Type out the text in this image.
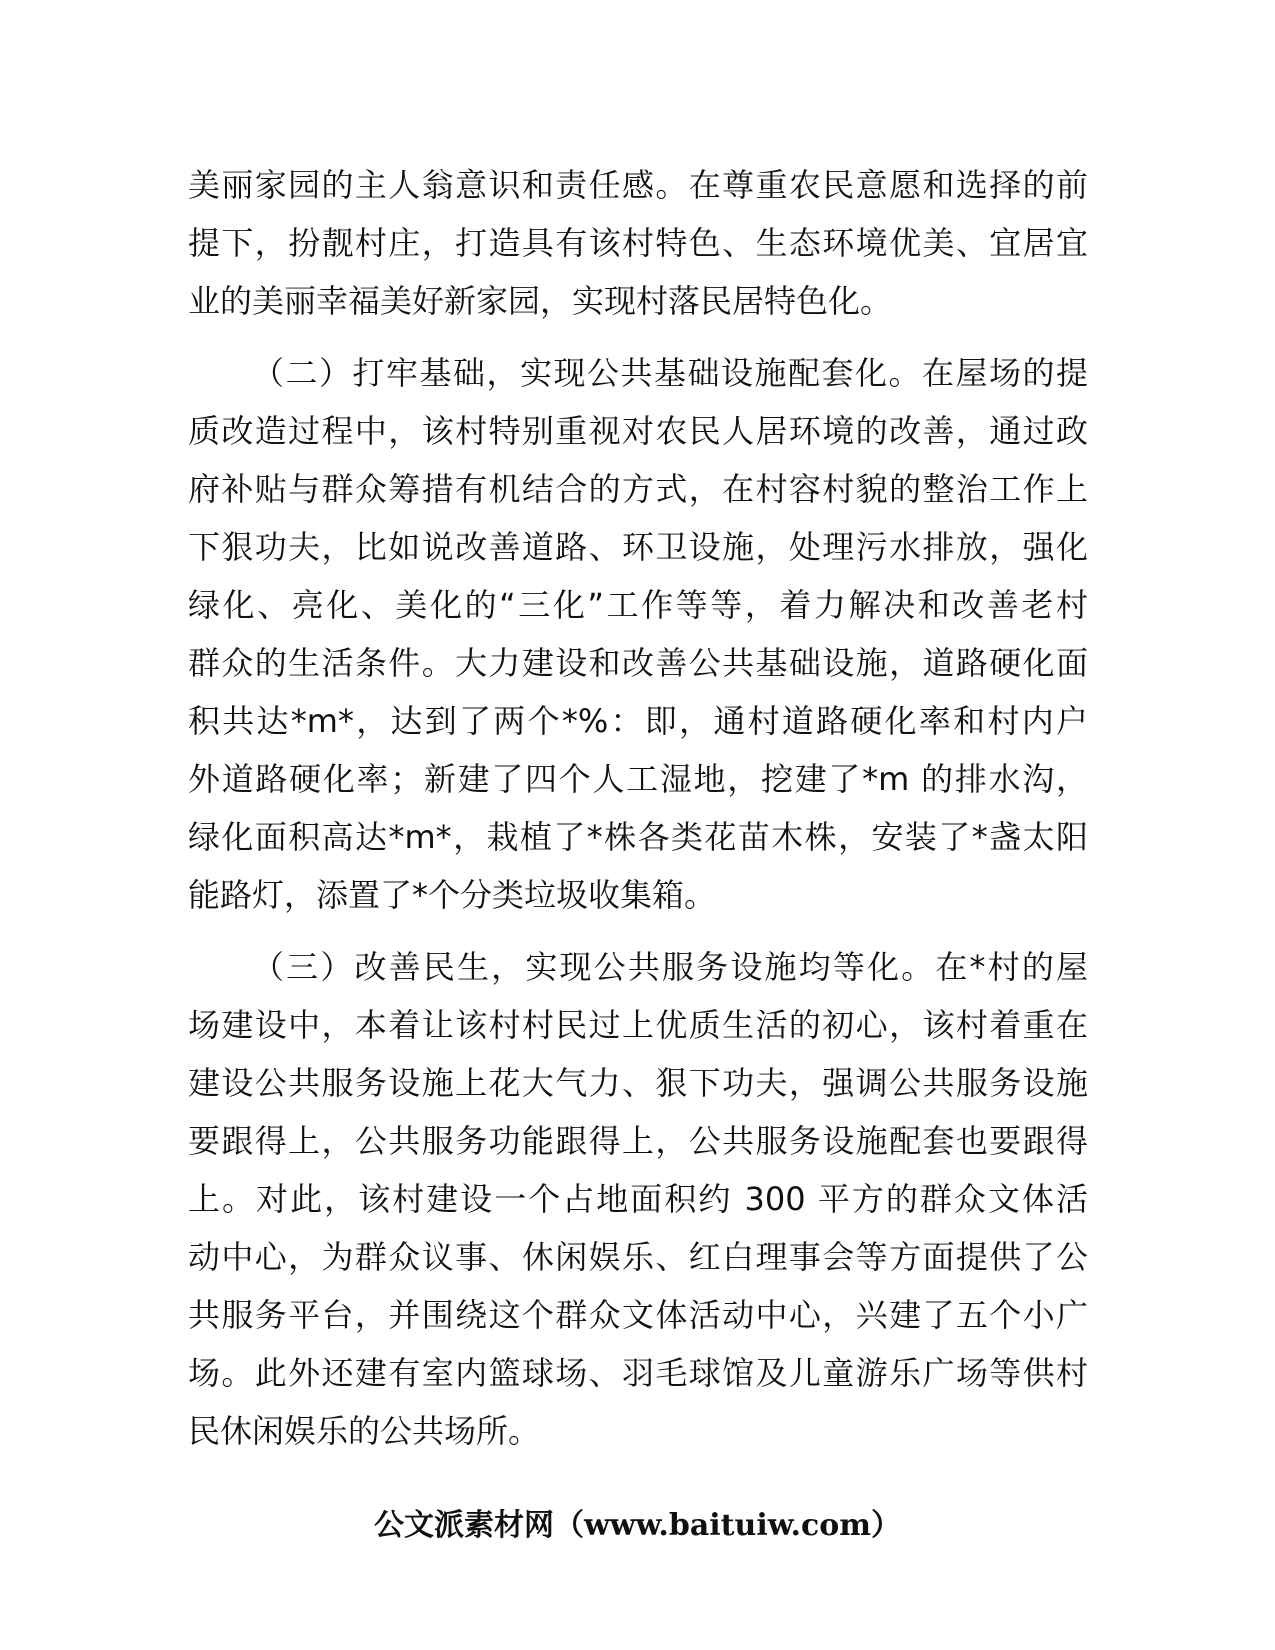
美丽家园的主人翁意识和责任感。在尊重农民意愿和选择的前
提下，扮靓村庄，打造具有该村特色、生态环境优美、宜居宜
业的美丽幸福美好新家园，实现村落民居特色化。

（二）打牢基础，实现公共基础设施配套化。在屋场的提
质改造过程中，该村特别重视对农民人居环境的改善，通过政
府补贴与群众筹措有机结合的方式，在村容村貌的整治工作上
下狠功夫，比如说改善道路、环卫设施，处理污水排放，强化
绿化、亮化、美化的“三化”工作等等，着力解决和改善老村
群众的生活条件。大力建设和改善公共基础设施，道路硬化面
积共达*m*，达到了两个*%：即，通村道路硬化率和村内户
外道路硬化率；新建了四个人工湿地，挖建了*m 的排水沟，
绿化面积高达*m*，栽植了*株各类花苗木株，安装了*盏太阳
能路灯，添置了*个分类垃圾收集箱。

（三）改善民生，实现公共服务设施均等化。在*村的屋
场建设中，本着让该村村民过上优质生活的初心，该村着重在
建设公共服务设施上花大气力、狠下功夫，强调公共服务设施
要跟得上，公共服务功能跟得上，公共服务设施配套也要跟得
上。对此，该村建设一个占地面积约 300 平方的群众文体活
动中心，为群众议事、休闲娱乐、红白理事会等方面提供了公
共服务平台，并围绕这个群众文体活动中心，兴建了五个小广
场。此外还建有室内篮球场、羽毛球馆及儿童游乐广场等供村
民休闲娱乐的公共场所。

公文派素材网（www.baituiw.com）
